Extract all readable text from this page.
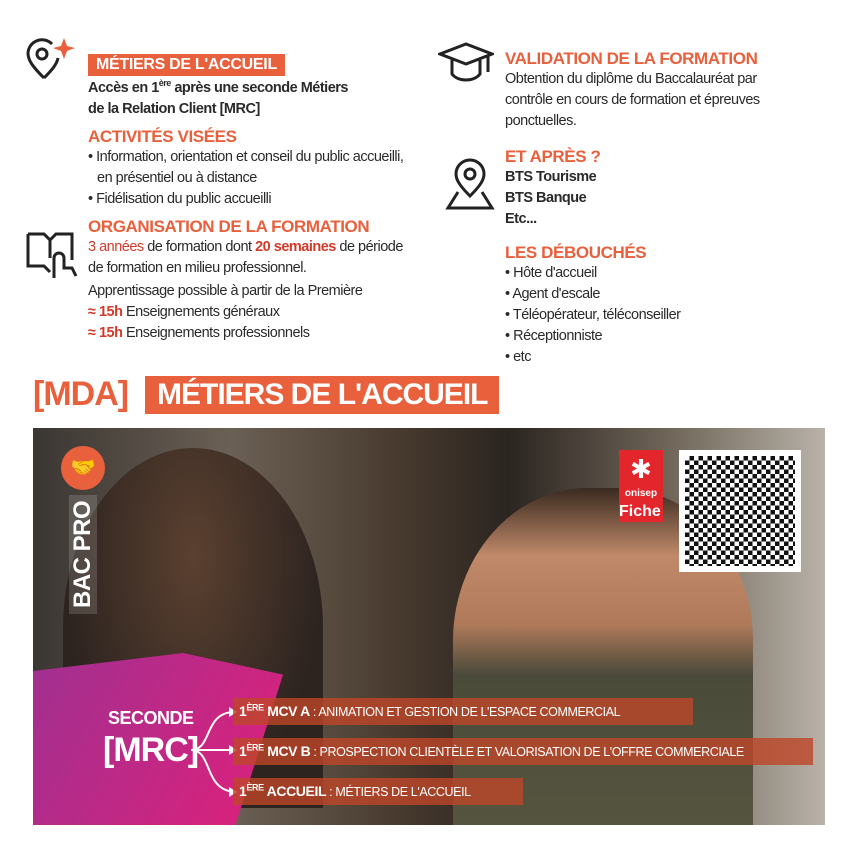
MÉTIERS DE L'ACCUEIL
Accès en 1ère après une seconde Métiers
de la Relation Client [MRC]
ACTIVITÉS VISÉES
• Information, orientation et conseil du public accueilli, en présentiel ou à distance
• Fidélisation du public accueilli
ORGANISATION DE LA FORMATION
3 années de formation dont 20 semaines de période de formation en milieu professionnel.
Apprentissage possible à partir de la Première
≈ 15h Enseignements généraux
≈ 15h Enseignements professionnels
VALIDATION DE LA FORMATION
Obtention du diplôme du Baccalauréat par contrôle en cours de formation et épreuves ponctuelles.
ET APRÈS ?
BTS Tourisme
BTS Banque
Etc...
LES DÉBOUCHÉS
• Hôte d'accueil
• Agent d'escale
• Téléopérateur, téléconseiller
• Réceptionniste
• etc
[MDA] MÉTIERS DE L'ACCUEIL
🤝
BAC PRO
✱
onisep
Fiche
SECONDE
[MRC]
1ÈRE MCV A : ANIMATION ET GESTION DE L'ESPACE COMMERCIAL
1ÈRE MCV B : PROSPECTION CLIENTÈLE ET VALORISATION DE L'OFFRE COMMERCIALE
1ÈRE ACCUEIL : MÉTIERS DE L'ACCUEIL
